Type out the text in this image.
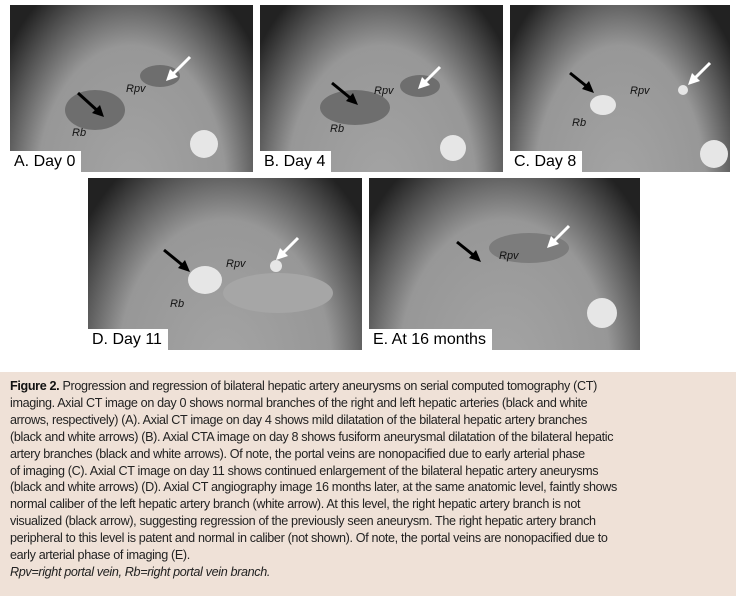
Rpv
Rb
A. Day 0
Rpv
Rb
B. Day 4
Rpv
Rb
C. Day 8
Rpv
Rb
D. Day 11
Rpv
E. At 16 months
Figure 2. Progression and regression of bilateral hepatic artery aneurysms on serial computed tomography (CT)
imaging. Axial CT image on day 0 shows normal branches of the right and left hepatic arteries (black and white
arrows, respectively) (A). Axial CT image on day 4 shows mild dilatation of the bilateral hepatic artery branches
(black and white arrows) (B). Axial CTA image on day 8 shows fusiform aneurysmal dilatation of the bilateral hepatic
artery branches (black and white arrows). Of note, the portal veins are nonopacified due to early arterial phase
of imaging (C). Axial CT image on day 11 shows continued enlargement of the bilateral hepatic artery aneurysms
(black and white arrows) (D). Axial CT angiography image 16 months later, at the same anatomic level, faintly shows
normal caliber of the left hepatic artery branch (white arrow). At this level, the right hepatic artery branch is not
visualized (black arrow), suggesting regression of the previously seen aneurysm. The right hepatic artery branch
peripheral to this level is patent and normal in caliber (not shown). Of note, the portal veins are nonopacified due to
early arterial phase of imaging (E).
Rpv=right portal vein, Rb=right portal vein branch.
